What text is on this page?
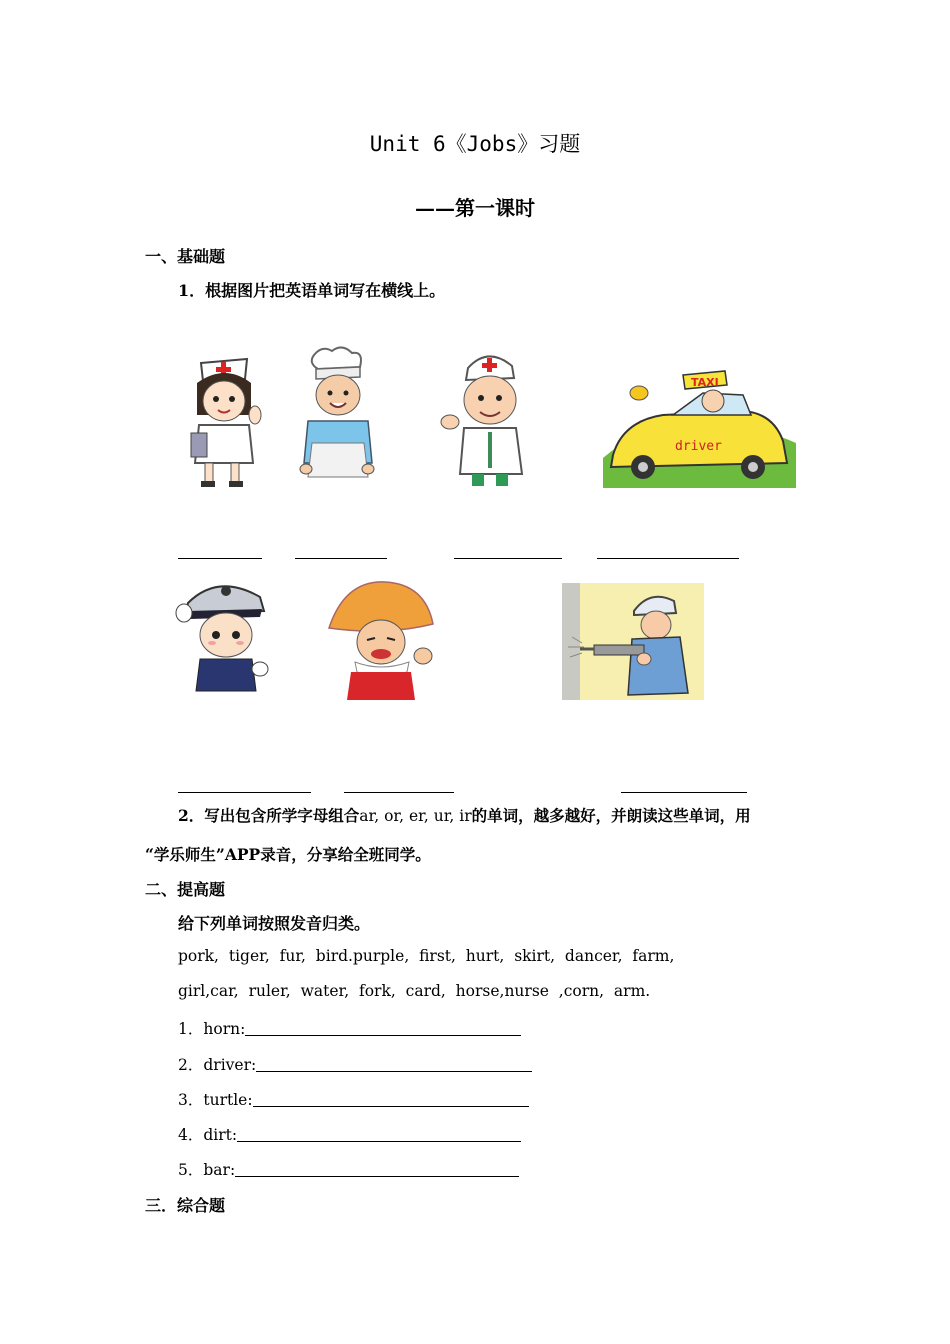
Unit 6《Jobs》习题
——第一课时
一、基础题
1．根据图片把英语单词写在横线上。
TAXI
driver
2．写出包含所学字母组合ar, or, er, ur, ir的单词，越多越好，并朗读这些单词，用
“学乐师生”APP录音，分享给全班同学。
二、提高题
给下列单词按照发音归类。
pork,  tiger,  fur,  bird.purple,  first,  hurt,  skirt,  dancer,  farm,
girl,car,  ruler,  water,  fork,  card,  horse,nurse  ,corn,  arm.
1．horn:
2．driver:
3．turtle:
4．dirt:
5．bar:
三．综合题
